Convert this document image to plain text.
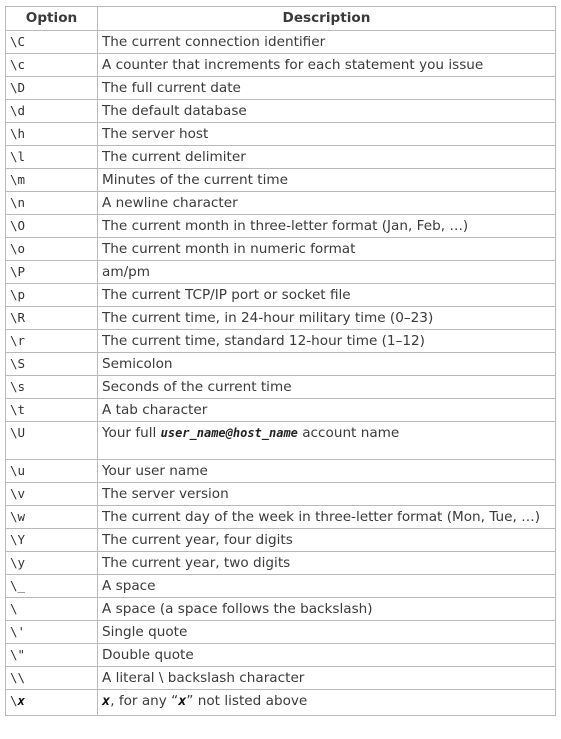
Option	Description
\C	The current connection identifier
\c	A counter that increments for each statement you issue
\D	The full current date
\d	The default database
\h	The server host
\l	The current delimiter
\m	Minutes of the current time
\n	A newline character
\O	The current month in three-letter format (Jan, Feb, …)
\o	The current month in numeric format
\P	am/pm
\p	The current TCP/IP port or socket file
\R	The current time, in 24-hour military time (0–23)
\r	The current time, standard 12-hour time (1–12)
\S	Semicolon
\s	Seconds of the current time
\t	A tab character
\U	Your full user_name@host_name account name
\u	Your user name
\v	The server version
\w	The current day of the week in three-letter format (Mon, Tue, …)
\Y	The current year, four digits
\y	The current year, two digits
\_	A space
\	A space (a space follows the backslash)
\'	Single quote
\"	Double quote
\\	A literal \ backslash character
\x	x, for any “x” not listed above
